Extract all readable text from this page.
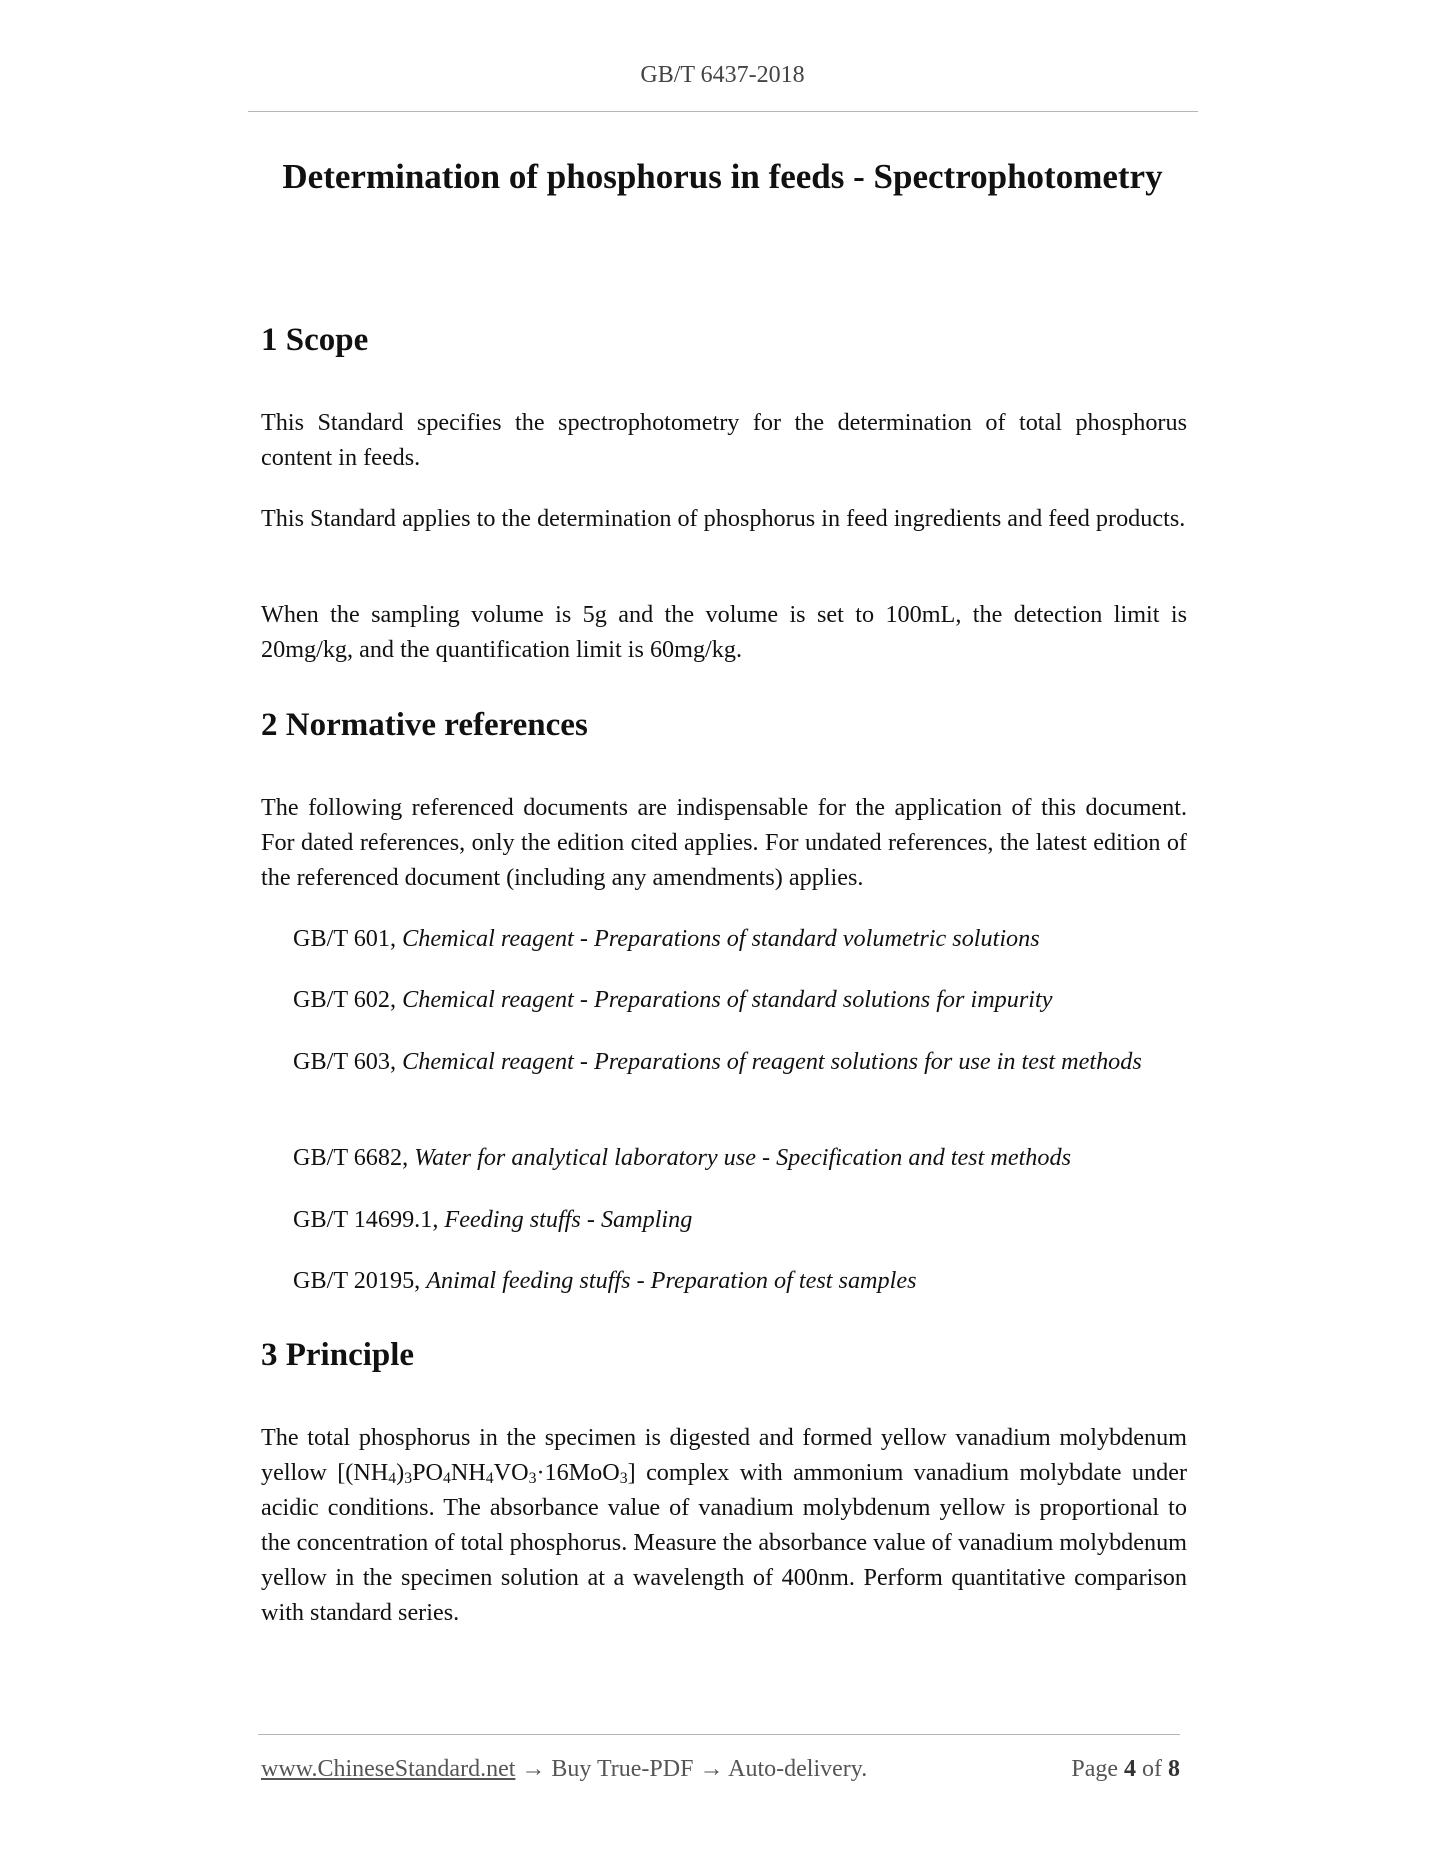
GB/T 6437-2018
Determination of phosphorus in feeds - Spectrophotometry
1 Scope

This Standard specifies the spectrophotometry for the determination of total phosphorus content in feeds.

This Standard applies to the determination of phosphorus in feed ingredients and feed products.

When the sampling volume is 5g and the volume is set to 100mL, the detection limit is 20mg/kg, and the quantification limit is 60mg/kg.

2 Normative references

The following referenced documents are indispensable for the application of this document. For dated references, only the edition cited applies. For undated references, the latest edition of the referenced document (including any amendments) applies.

GB/T 601, Chemical reagent - Preparations of standard volumetric solutions

GB/T 602, Chemical reagent - Preparations of standard solutions for impurity

GB/T 603, Chemical reagent - Preparations of reagent solutions for use in test methods

GB/T 6682, Water for analytical laboratory use - Specification and test methods

GB/T 14699.1, Feeding stuffs - Sampling

GB/T 20195, Animal feeding stuffs - Preparation of test samples

3 Principle

The total phosphorus in the specimen is digested and formed yellow vanadium molybdenum yellow $[(NH_4)_3PO_4NH_4VO_3\cdot 16MoO_3]$ complex with ammonium vanadium molybdate under acidic conditions. The absorbance value of vanadium molybdenum yellow is proportional to the concentration of total phosphorus. Measure the absorbance value of vanadium molybdenum yellow in the specimen solution at a wavelength of 400nm. Perform quantitative comparison with standard series.

www.ChineseStandard.net → Buy True-PDF → Auto-delivery.	Page 4 of 8
